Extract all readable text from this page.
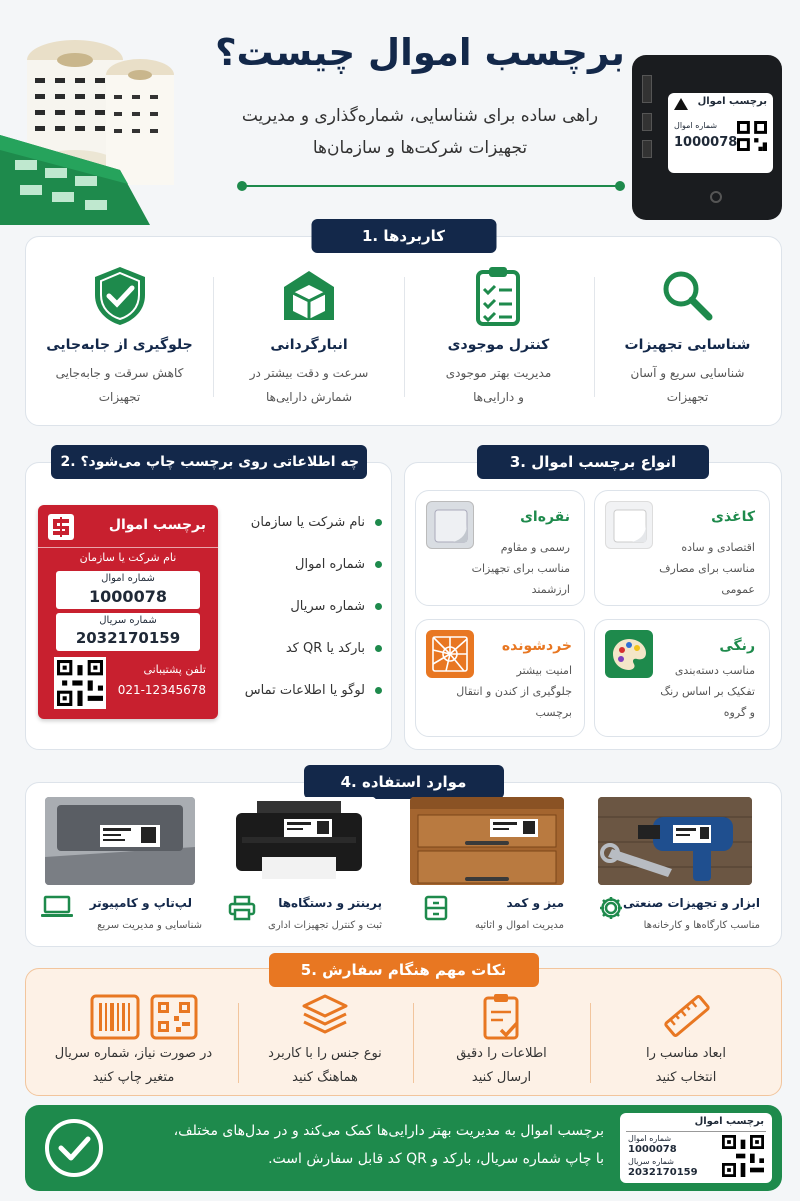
برچسب اموال چیست؟
راهی ساده برای شناسایی، شماره‌گذاری و مدیریت
تجهیزات شرکت‌ها و سازمان‌ها
برچسب اموال
شماره اموال
1000078
1. کاربردها
شناسایی تجهیزات
شناسایی سریع و آسان
تجهیزات
کنترل موجودی
مدیریت بهتر موجودی
و دارایی‌ها
انبارگردانی
سرعت و دقت بیشتر در
شمارش دارایی‌ها
جلوگیری از جابه‌جایی
کاهش سرقت و جابه‌جایی
تجهیزات
2. چه اطلاعاتی روی برچسب چاپ می‌شود؟
برچسب اموال
نام شرکت یا سازمان
شماره اموال
1000078
شماره سریال
2032170159
تلفن پشتیبانی
021-12345678
نام شرکت یا سازمان
شماره اموال
شماره سریال
بارکد یا QR کد
لوگو یا اطلاعات تماس
3. انواع برچسب اموال
کاغذی
اقتصادی و ساده
مناسب برای مصارف
عمومی
نقره‌ای
رسمی و مقاوم
مناسب برای تجهیزات
ارزشمند
رنگی
مناسب دسته‌بندی
تفکیک بر اساس رنگ
و گروه
خردشونده
امنیت بیشتر
جلوگیری از کندن و انتقال
برچسب
4. موارد استفاده
ابزار و تجهیزات صنعتی
مناسب کارگاه‌ها و کارخانه‌ها
میز و کمد
مدیریت اموال و اثاثیه
پرینتر و دستگاه‌ها
ثبت و کنترل تجهیزات اداری
لپ‌تاپ و کامپیوتر
شناسایی و مدیریت سریع
5. نکات مهم هنگام سفارش
ابعاد مناسب را
انتخاب کنید
اطلاعات را دقیق
ارسال کنید
نوع جنس را با کاربرد
هماهنگ کنید
در صورت نیاز، شماره سریال
متغیر چاپ کنید
برچسب اموال به مدیریت بهتر دارایی‌ها کمک می‌کند و در مدل‌های مختلف،
با چاپ شماره سریال، بارکد و QR کد قابل سفارش است.
برچسب اموال
شماره اموال
1000078
شماره سریال
2032170159
